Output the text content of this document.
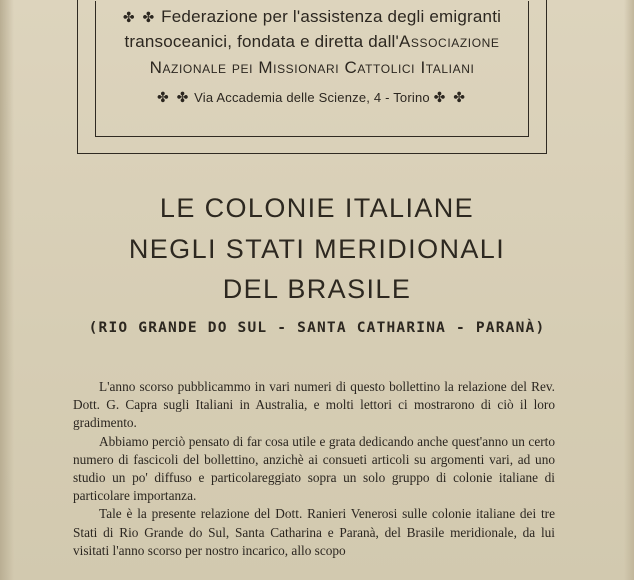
✤ ✤ Federazione per l'assistenza degli emigranti
transoceanici, fondata e diretta dall'Associazione
Nazionale pei Missionari Cattolici Italiani
✤ ✤ Via Accademia delle Scienze, 4 - Torino ✤ ✤
LE COLONIE ITALIANE
NEGLI STATI MERIDIONALI
DEL BRASILE
(RIO GRANDE DO SUL - SANTA CATHARINA - PARANÀ)

L'anno scorso pubblicammo in vari numeri di questo bollettino la relazione del Rev. Dott. G. Capra sugli Italiani in Australia, e molti lettori ci mostrarono di ciò il loro gradimento.

Abbiamo perciò pensato di far cosa utile e grata dedicando anche quest'anno un certo numero di fascicoli del bollettino, anzichè ai consueti articoli su argomenti vari, ad uno studio un po' diffuso e particolareggiato sopra un solo gruppo di colonie italiane di particolare importanza.

Tale è la presente relazione del Dott. Ranieri Venerosi sulle colonie italiane dei tre Stati di Rio Grande do Sul, Santa Catharina e Paranà, del Brasile meridionale, da lui visitati l'anno scorso per nostro incarico, allo scopo
